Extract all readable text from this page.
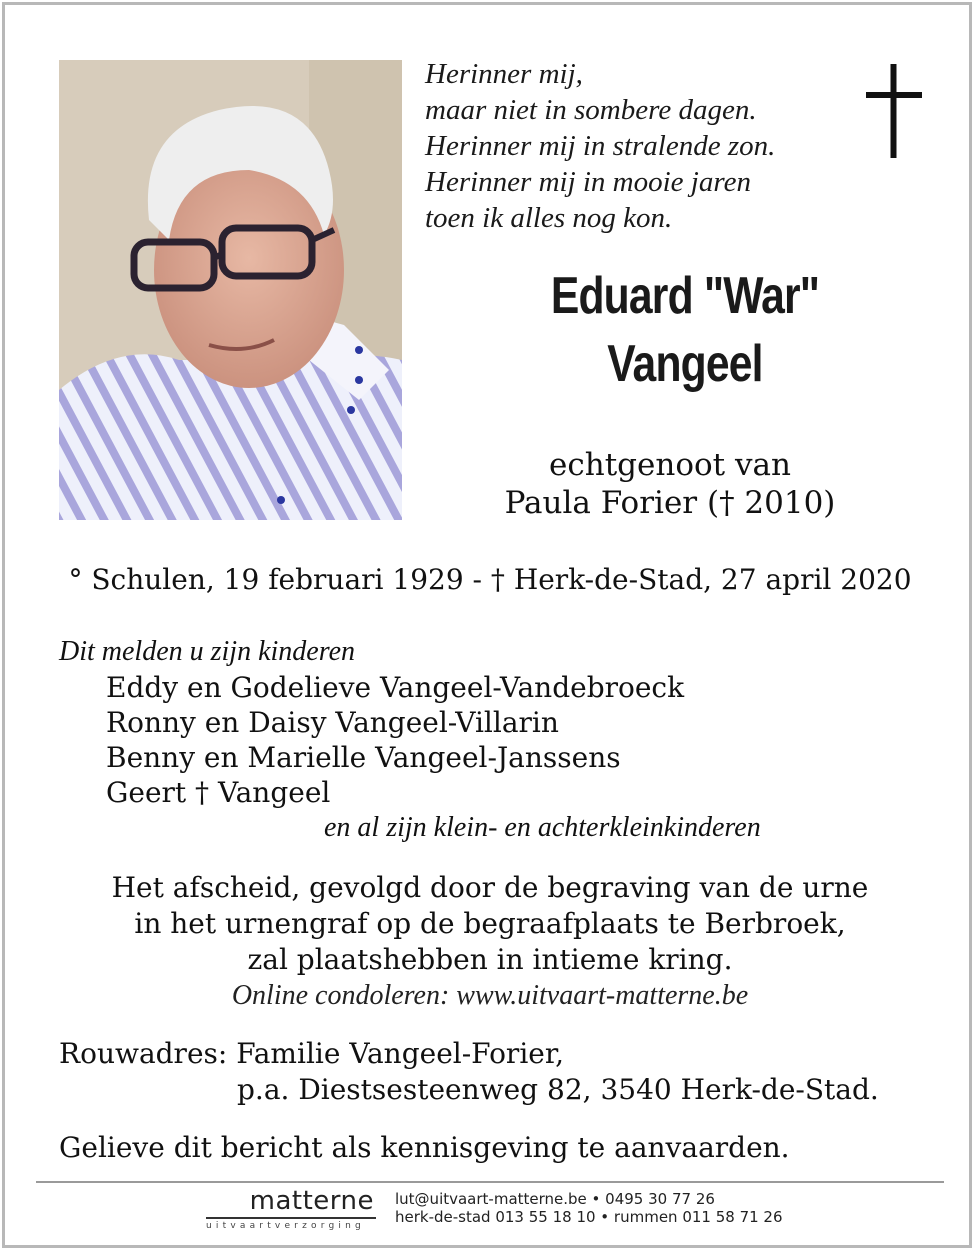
Herinner mij,
maar niet in sombere dagen.
Herinner mij in stralende zon.
Herinner mij in mooie jaren
toen ik alles nog kon.
Eduard "War"
Vangeel
echtgenoot van
Paula Forier († 2010)
° Schulen, 19 februari 1929 - † Herk-de-Stad, 27 april 2020
Dit melden u zijn kinderen
Eddy en Godelieve Vangeel-Vandebroeck
Ronny en Daisy Vangeel-Villarin
Benny en Marielle Vangeel-Janssens
Geert † Vangeel
en al zijn klein- en achterkleinkinderen
Het afscheid, gevolgd door de begraving van de urne
in het urnengraf op de begraafplaats te Berbroek,
zal plaatshebben in intieme kring.
Online condoleren: www.uitvaart-matterne.be
Rouwadres: Familie Vangeel-Forier,
p.a. Diestsesteenweg 82, 3540 Herk-de-Stad.
Gelieve dit bericht als kennisgeving te aanvaarden.
matterne
uitvaartverzorging
lut@uitvaart-matterne.be • 0495 30 77 26
herk-de-stad 013 55 18 10 • rummen 011 58 71 26
